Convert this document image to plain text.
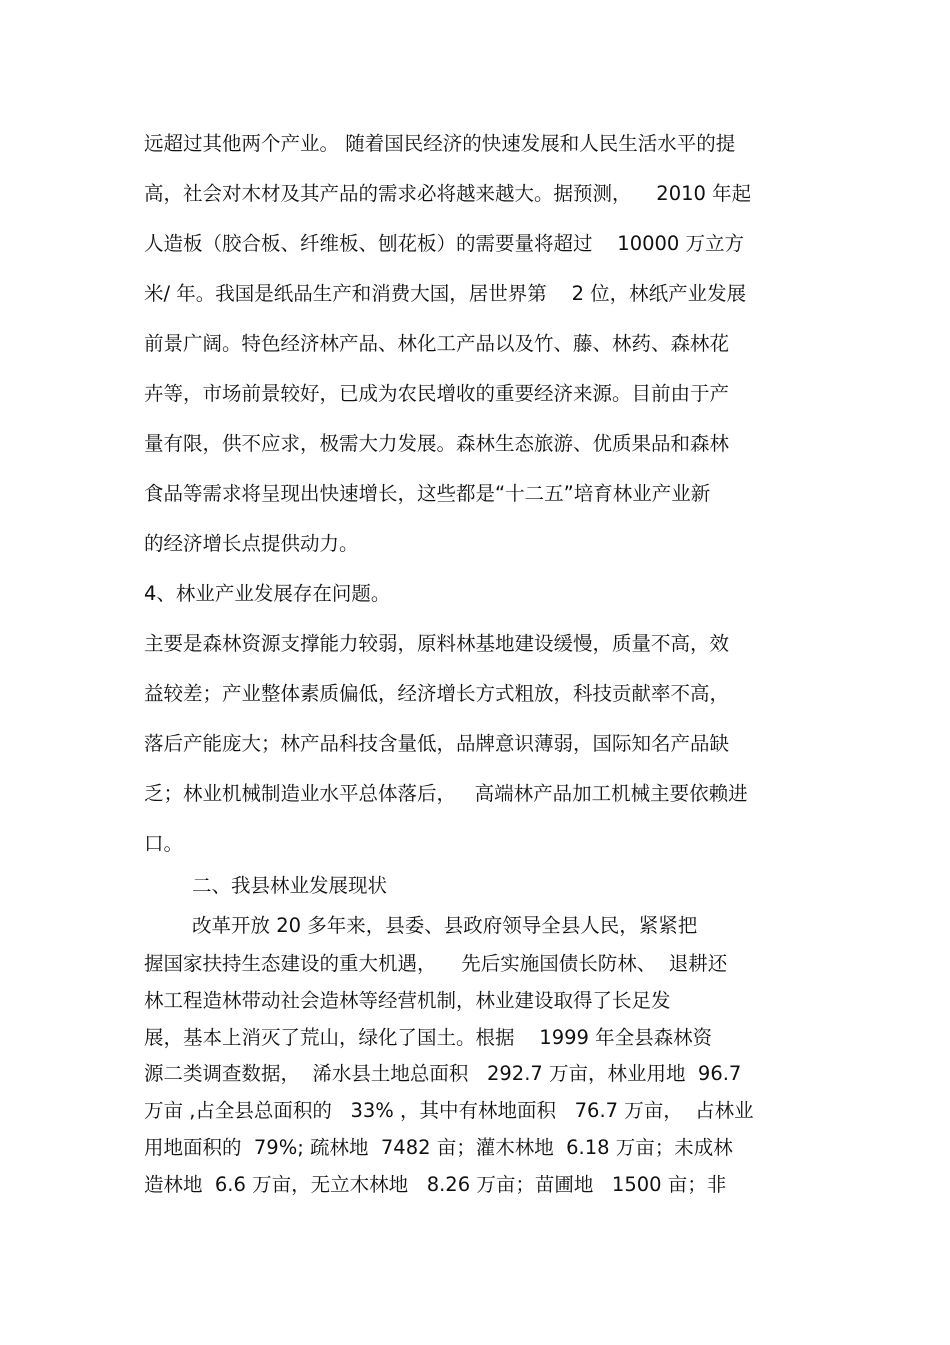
远超过其他两个产业。 随着国民经济的快速发展和人民生活水平的提
高，社会对木材及其产品的需求必将越来越大。据预测，    2010 年起
人造板（胶合板、纤维板、刨花板）的需要量将超过    10000 万立方
米/ 年。我国是纸品生产和消费大国，居世界第    2 位，林纸产业发展
前景广阔。特色经济林产品、林化工产品以及竹、藤、林药、森林花
卉等，市场前景较好，已成为农民增收的重要经济来源。目前由于产
量有限，供不应求，极需大力发展。森林生态旅游、优质果品和森林
食品等需求将呈现出快速增长，这些都是“十二五”培育林业产业新
的经济增长点提供动力。
4、林业产业发展存在问题。
主要是森林资源支撑能力较弱，原料林基地建设缓慢，质量不高，效
益较差；产业整体素质偏低，经济增长方式粗放，科技贡献率不高，
落后产能庞大；林产品科技含量低，品牌意识薄弱，国际知名产品缺
乏；林业机械制造业水平总体落后，   高端林产品加工机械主要依赖进
口。
二、我县林业发展现状
改革开放 20 多年来，县委、县政府领导全县人民，紧紧把
握国家扶持生态建设的重大机遇，    先后实施国债长防林、  退耕还
林工程造林带动社会造林等经营机制，林业建设取得了长足发
展，基本上消灭了荒山，绿化了国土。根据    1999 年全县森林资
源二类调查数据，  浠水县土地总面积   292.7 万亩，林业用地  96.7
万亩 ,占全县总面积的   33% ，其中有林地面积   76.7 万亩，  占林业
用地面积的  79%; 疏林地  7482 亩；灌木林地  6.18 万亩；未成林
造林地  6.6 万亩，无立木林地   8.26 万亩；苗圃地   1500 亩；非
